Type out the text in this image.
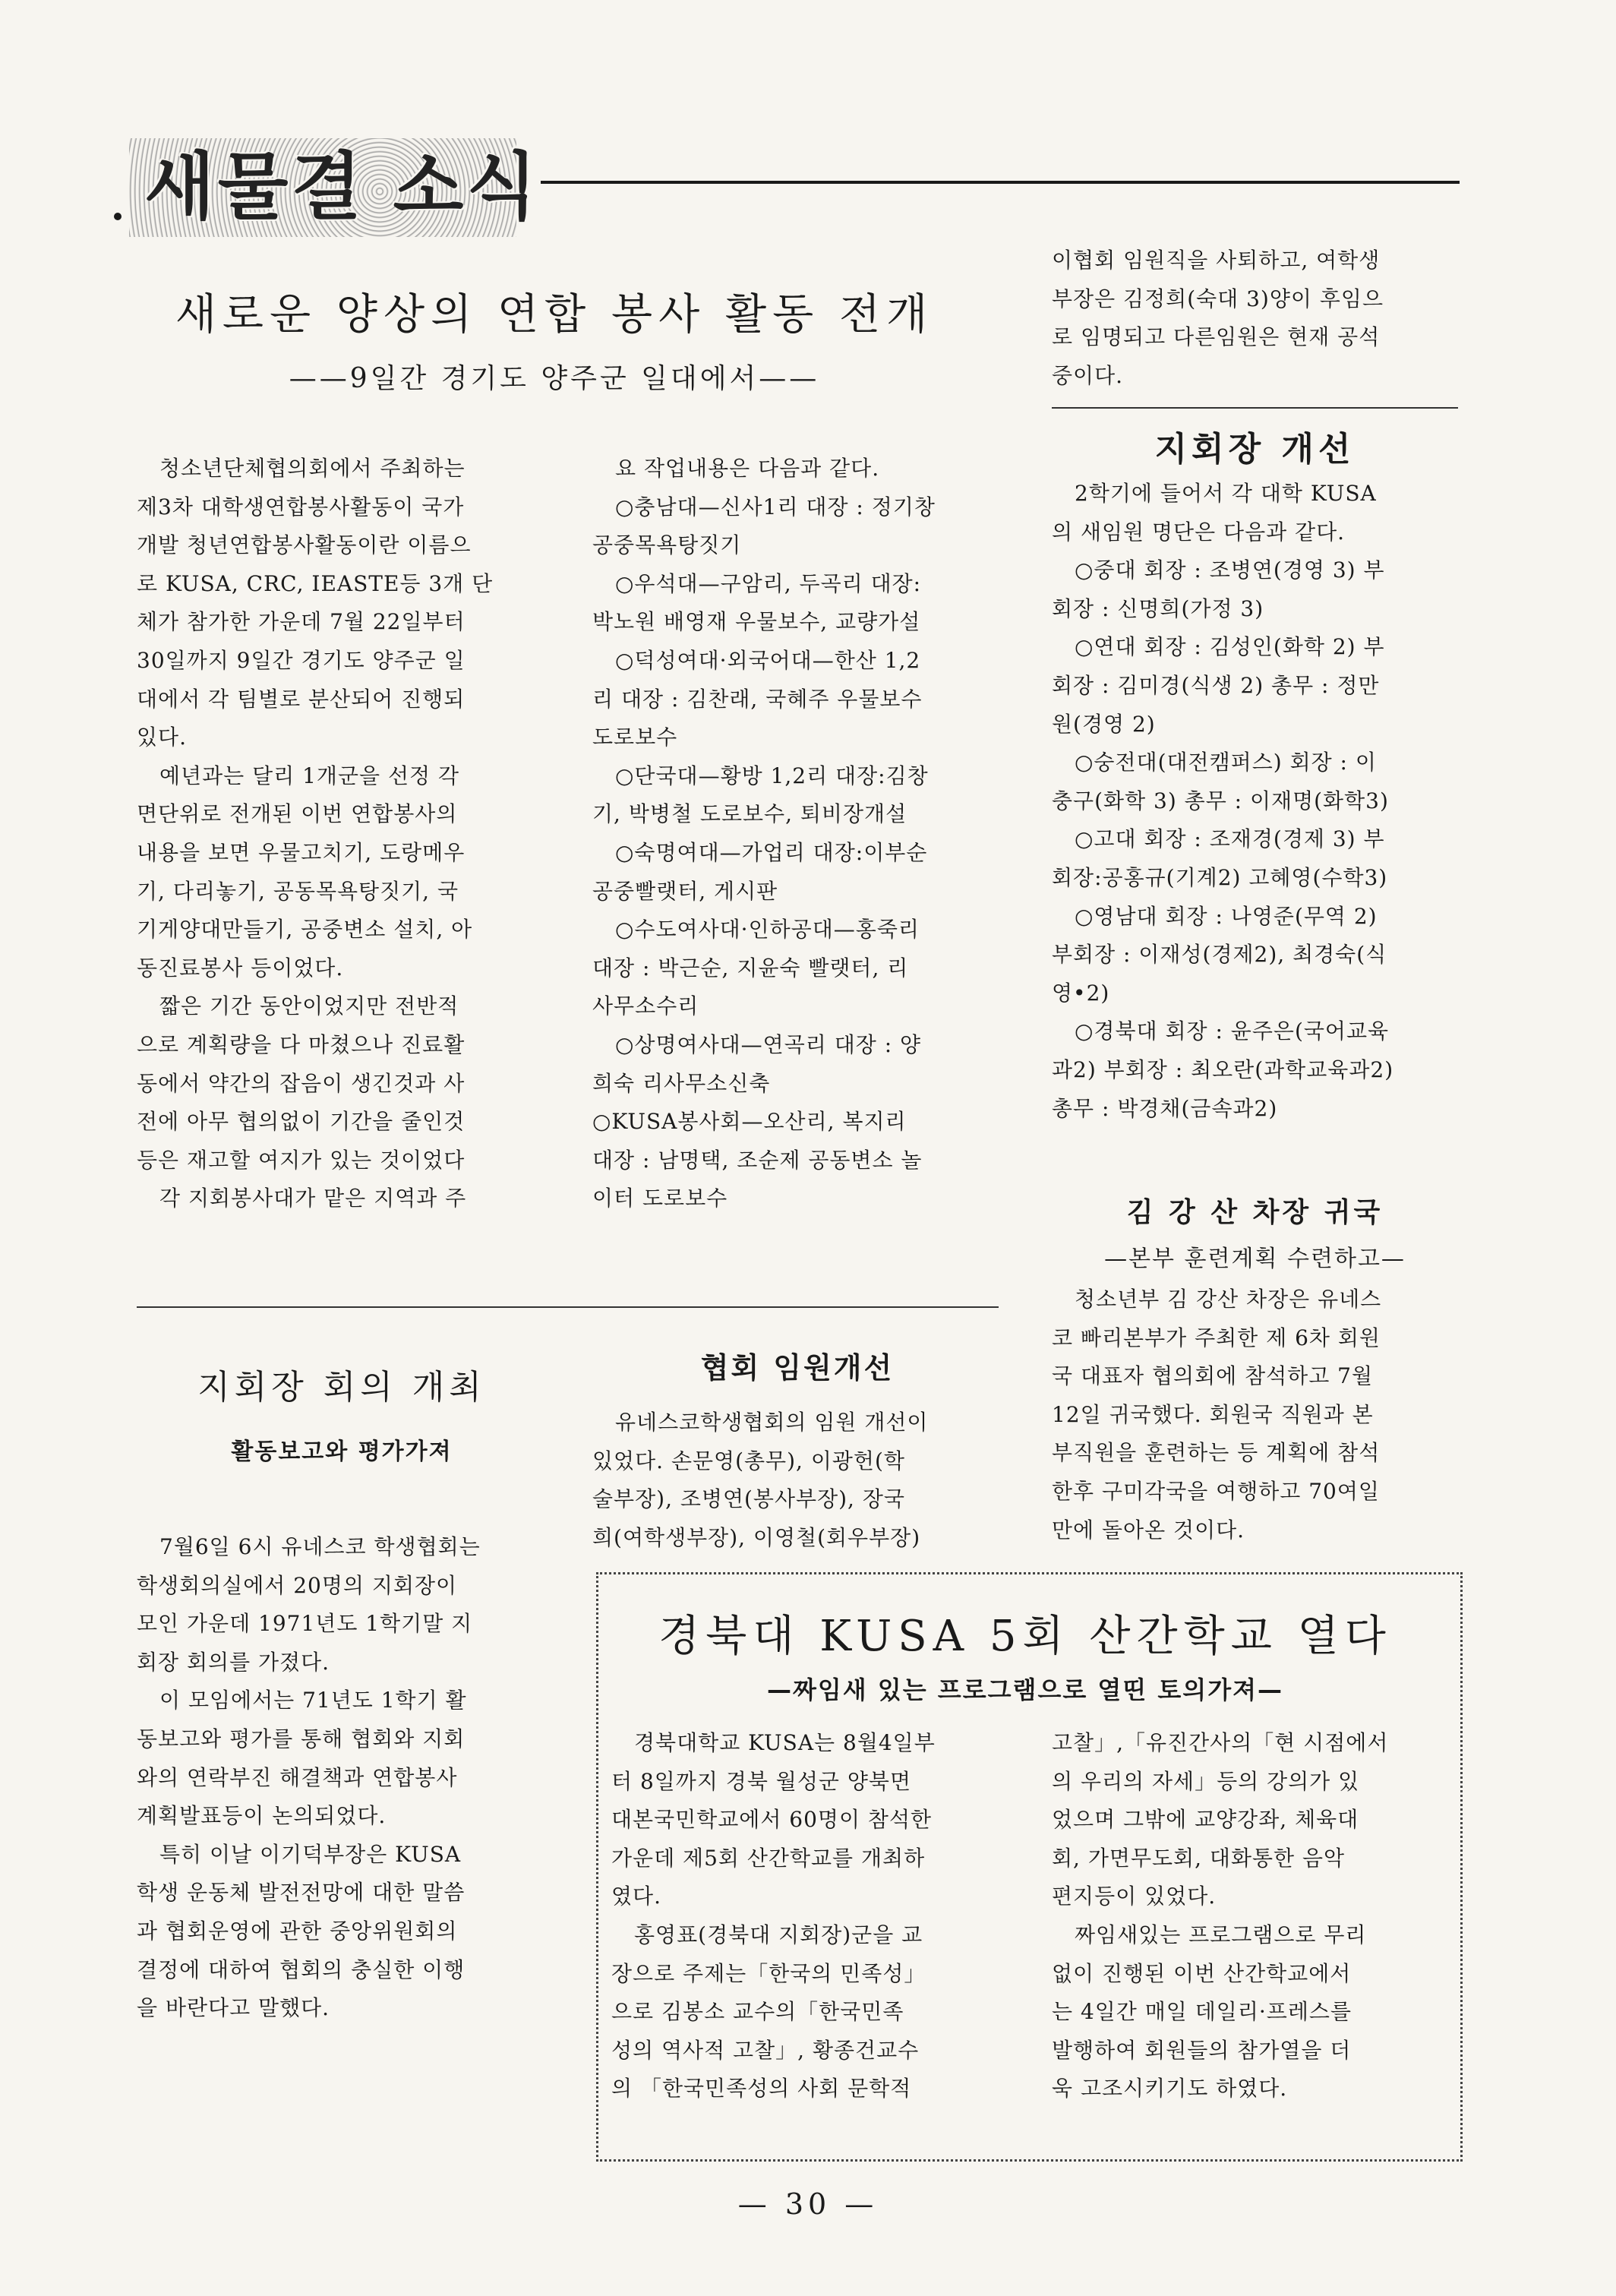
새물결 소식
새로운 양상의 연합 봉사 활동 전개
——9일간 경기도 양주군 일대에서——

청소년단체협의회에서 주최하는

제3차 대학생연합봉사활동이 국가

개발 청년연합봉사활동이란 이름으

로 KUSA, CRC, IEASTE등 3개 단

체가 참가한 가운데 7월 22일부터

30일까지 9일간 경기도 양주군 일

대에서 각 팀별로 분산되어 진행되

있다.

예년과는 달리 1개군을 선정 각

면단위로 전개된 이번 연합봉사의

내용을 보면 우물고치기, 도랑메우

기, 다리놓기, 공동목욕탕짓기, 국

기게양대만들기, 공중변소 설치, 아

동진료봉사 등이었다.

짧은 기간 동안이었지만 전반적

으로 계획량을 다 마쳤으나 진료활

동에서 약간의 잡음이 생긴것과 사

전에 아무 협의없이 기간을 줄인것

등은 재고할 여지가 있는 것이었다

각 지회봉사대가 맡은 지역과 주

요 작업내용은 다음과 같다.

○충남대—신사1리 대장 : 정기창

공중목욕탕짓기

○우석대—구암리, 두곡리 대장:

박노원 배영재 우물보수, 교량가설

○덕성여대·외국어대—한산 1,2

리 대장 : 김찬래, 국혜주 우물보수

도로보수

○단국대—황방 1,2리 대장:김창

기, 박병철 도로보수, 퇴비장개설

○숙명여대—가업리 대장:이부순

공중빨랫터, 게시판

○수도여사대·인하공대—홍죽리

대장 : 박근순, 지윤숙 빨랫터, 리

사무소수리

○상명여사대—연곡리 대장 : 양

희숙 리사무소신축

○KUSA봉사회—오산리, 복지리

대장 : 남명택, 조순제 공동변소 놀

이터 도로보수

이협회 임원직을 사퇴하고, 여학생

부장은 김정희(숙대 3)양이 후임으

로 임명되고 다른임원은 현재 공석

중이다.

지회장 개선

2학기에 들어서 각 대학 KUSA

의 새임원 명단은 다음과 같다.

○중대 회장 : 조병연(경영 3) 부

회장 : 신명희(가정 3)

○연대 회장 : 김성인(화학 2) 부

회장 : 김미경(식생 2) 총무 : 정만

원(경영 2)

○숭전대(대전캠퍼스) 회장 : 이

충구(화학 3) 총무 : 이재명(화학3)

○고대 회장 : 조재경(경제 3) 부

회장:공홍규(기계2) 고혜영(수학3)

○영남대 회장 : 나영준(무역 2)

부회장 : 이재성(경제2), 최경숙(식

영•2)

○경북대 회장 : 윤주은(국어교육

과2) 부회장 : 최오란(과학교육과2)

총무 : 박경채(금속과2)

김 강 산 차장 귀국
—본부 훈련계획 수련하고—

청소년부 김 강산 차장은 유네스

코 빠리본부가 주최한 제 6차 회원

국 대표자 협의회에 참석하고 7월

12일 귀국했다. 회원국 직원과 본

부직원을 훈련하는 등 계획에 참석

한후 구미각국을 여행하고 70여일

만에 돌아온 것이다.

지회장 회의 개최
활동보고와 평가가져

7월6일 6시 유네스코 학생협회는

학생회의실에서 20명의 지회장이

모인 가운데 1971년도 1학기말 지

회장 회의를 가졌다.

이 모임에서는 71년도 1학기 활

동보고와 평가를 통해 협회와 지회

와의 연락부진 해결책과 연합봉사

계획발표등이 논의되었다.

특히 이날 이기덕부장은 KUSA

학생 운동체 발전전망에 대한 말씀

과 협회운영에 관한 중앙위원회의

결정에 대하여 협회의 충실한 이행

을 바란다고 말했다.

협회 임원개선

유네스코학생협회의 임원 개선이

있었다. 손문영(총무), 이광헌(학

술부장), 조병연(봉사부장), 장국

희(여학생부장), 이영철(회우부장)

경북대 KUSA 5회 산간학교 열다
—짜임새 있는 프로그램으로 열띤 토의가져—

경북대학교 KUSA는 8월4일부

터 8일까지 경북 월성군 양북면

대본국민학교에서 60명이 참석한

가운데 제5회 산간학교를 개최하

였다.

홍영표(경북대 지회장)군을 교

장으로 주제는「한국의 민족성」

으로 김봉소 교수의「한국민족

성의 역사적 고찰」, 황종건교수

의 「한국민족성의 사회 문학적

고찰」,「유진간사의「현 시점에서

의 우리의 자세」등의 강의가 있

었으며 그밖에 교양강좌, 체육대

회, 가면무도회, 대화통한 음악

편지등이 있었다.

짜임새있는 프로그램으로 무리

없이 진행된 이번 산간학교에서

는 4일간 매일 데일리·프레스를

발행하여 회원들의 참가열을 더

욱 고조시키기도 하였다.

— 30 —
